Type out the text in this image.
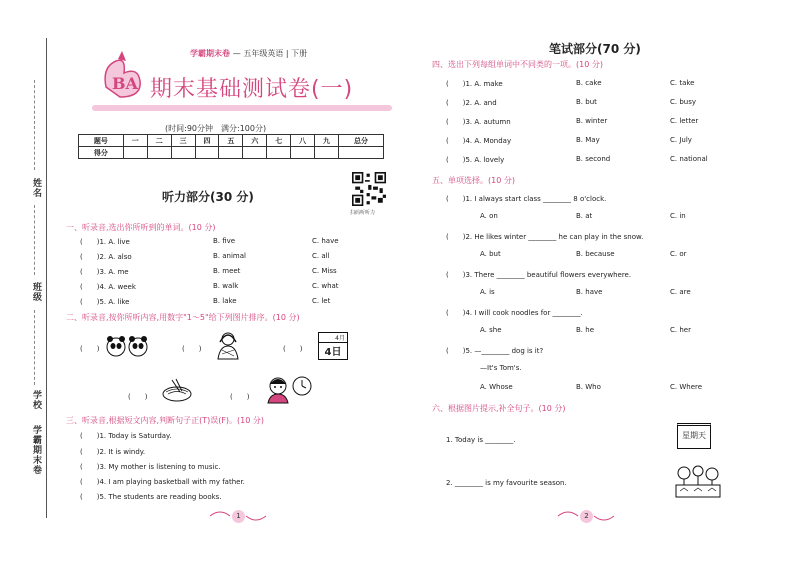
姓名
班级
学校
学霸期末卷
BA
学霸期末卷 — 五年级英语 | 下册
期末基础测试卷(一)
(时间:90分钟　满分:100分)
题号	一	二	三	四	五	六	七	八	九	总分
得分										
扫码听听力
听力部分(30 分)
一、听录音,选出你所听到的单词。(10 分)
(　　)1. A. live	B. five	C. have
(　　)2. A. also	B. animal	C. all
(　　)3. A. me	B. meet	C. Miss
(　　)4. A. week	B. walk	C. what
(　　)5. A. like	B. lake	C. let
二、听录音,按你所听内容,用数字"1～5"给下列图片排序。(10 分)
(　　)	(　　)	(　　)
4月
4日
(　　)	(　　)
三、听录音,根据短文内容,判断句子正(T)误(F)。(10 分)
(　　)1. Today is Saturday.
(　　)2. It is windy.
(　　)3. My mother is listening to music.
(　　)4. I am playing basketball with my father.
(　　)5. The students are reading books.
1
笔试部分(70 分)
四、选出下列每组单词中不同类的一项。(10 分)
(　　)1. A. make	B. cake	C. take
(　　)2. A. and	B. but	C. busy
(　　)3. A. autumn	B. winter	C. letter
(　　)4. A. Monday	B. May	C. July
(　　)5. A. lovely	B. second	C. national
五、单项选择。(10 分)
(　　)1. I always start class ________ 8 o'clock.
A. on	B. at	C. in
(　　)2. He likes winter ________ he can play in the snow.
A. but	B. because	C. or
(　　)3. There ________ beautiful flowers everywhere.
A. is	B. have	C. are
(　　)4. I will cook noodles for ________.
A. she	B. he	C. her
(　　)5. —________ dog is it?
—It's Tom's.
A. Whose	B. Who	C. Where
六、根据图片提示,补全句子。(10 分)
1. Today is ________.	星期天
2. ________ is my favourite season.
2
